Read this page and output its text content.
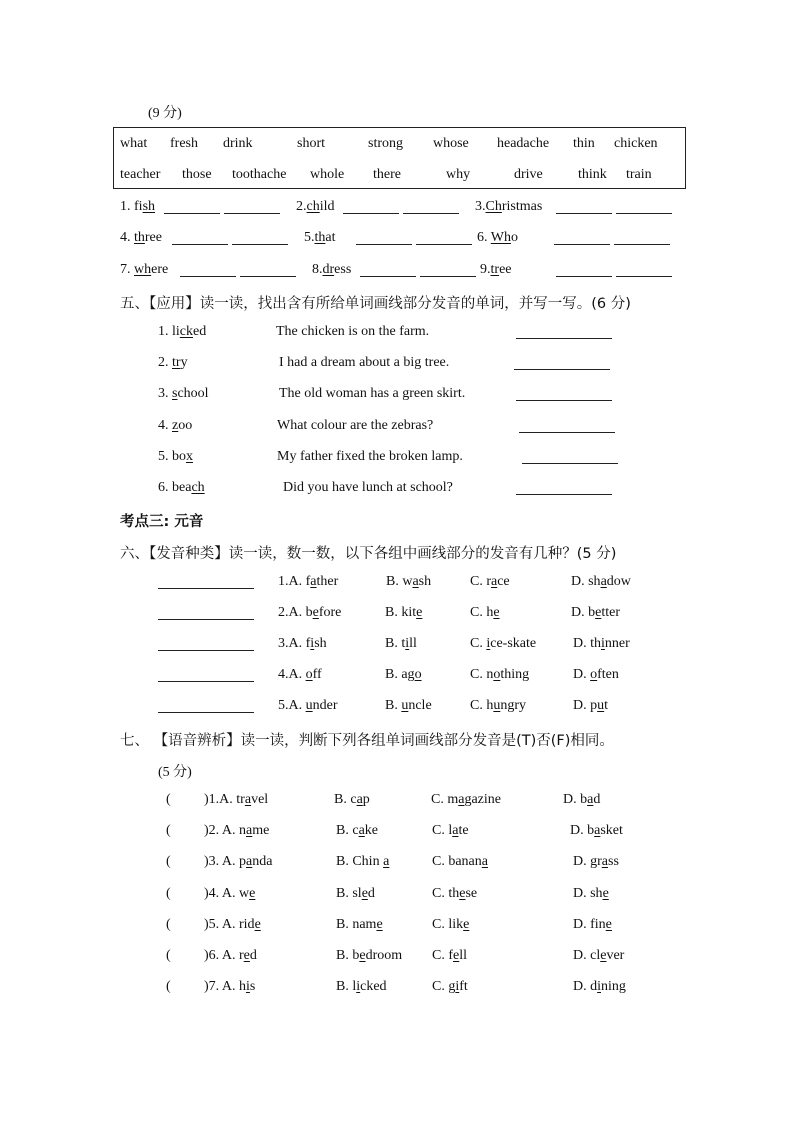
(9 分)
what fresh drink	short	strong whose headache thin chicken
teacher those toothache whole there	why	drive	think train
1. fish	2.child	3.Christmas
4. three	5.that	6. Who
7. where	8.dress	9.tree
五、【应用】读一读，找出含有所给单词画线部分发音的单词，并写一写。(6 分)
1. licked	The chicken is on the farm.
2. try	I had a dream about a big tree.
3. school	The old woman has a green skirt.
4. zoo	What colour are the zebras?
5. box	My father fixed the broken lamp.
6. beach	Did you have lunch at school?
考点三: 元音
六、【发音种类】读一读，数一数，以下各组中画线部分的发音有几种？(5 分)
1.A. father	B. wash	C. race	D. shadow
2.A. before	B. kite	C. he	D. better
3.A. fish	B. till	C. ice-skate	D. thinner
4.A. off	B. ago	C. nothing	D. often
5.A. under	B. uncle	C. hungry	D. put
七、 【语音辨析】读一读，判断下列各组单词画线部分发音是(T)否(F)相同。
(5 分)
(	)1.A. travel	B. cap	C. magazine	D. bad
(	)2. A. name	B. cake	C. late	D. basket
(	)3. A. panda	B. Chin a	C. banana	D. grass
(	)4. A. we	B. sled	C. these	D. she
(	)5. A. ride	B. name	C. like	D. fine
(	)6. A. red	B. bedroom C. fell	D. clever
(	)7. A. his	B. licked	C. gift	D. dining
